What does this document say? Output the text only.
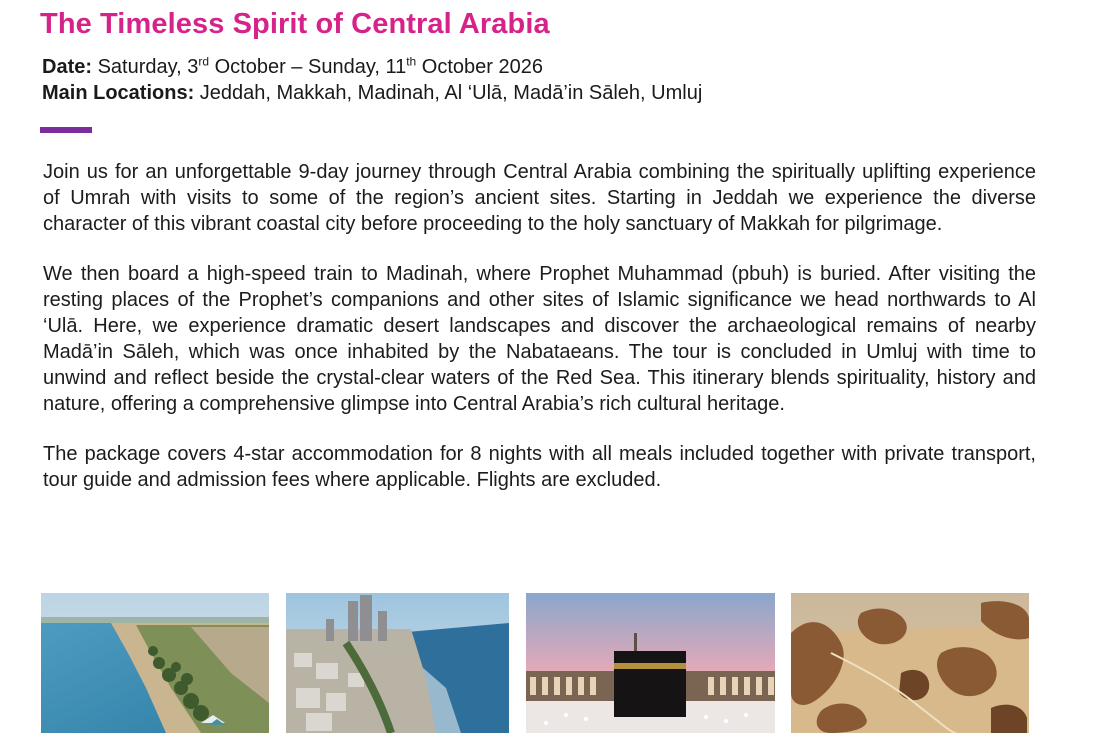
The Timeless Spirit of Central Arabia
Date: Saturday, 3rd October – Sunday, 11th October 2026
Main Locations: Jeddah, Makkah, Madinah, Al ‘Ulā, Madā’in Sāleh, Umluj

Join us for an unforgettable 9-day journey through Central Arabia combining the spiritually uplifting experience of Umrah with visits to some of the region’s ancient sites. Starting in Jeddah we experience the diverse character of this vibrant coastal city before proceeding to the holy sanctuary of Makkah for pilgrimage.

We then board a high-speed train to Madinah, where Prophet Muhammad (pbuh) is buried. After visiting the resting places of the Prophet’s companions and other sites of Islamic significance we head northwards to Al ‘Ulā. Here, we experience dramatic desert landscapes and discover the archaeological remains of nearby Madā’in Sāleh, which was once inhabited by the Nabataeans. The tour is concluded in Umluj with time to unwind and reflect beside the crystal-clear waters of the Red Sea. This itinerary blends spirituality, history and nature, offering a comprehensive glimpse into Central Arabia’s rich cultural heritage.

The package covers 4-star accommodation for 8 nights with all meals included together with private transport, tour guide and admission fees where applicable. Flights are excluded.
